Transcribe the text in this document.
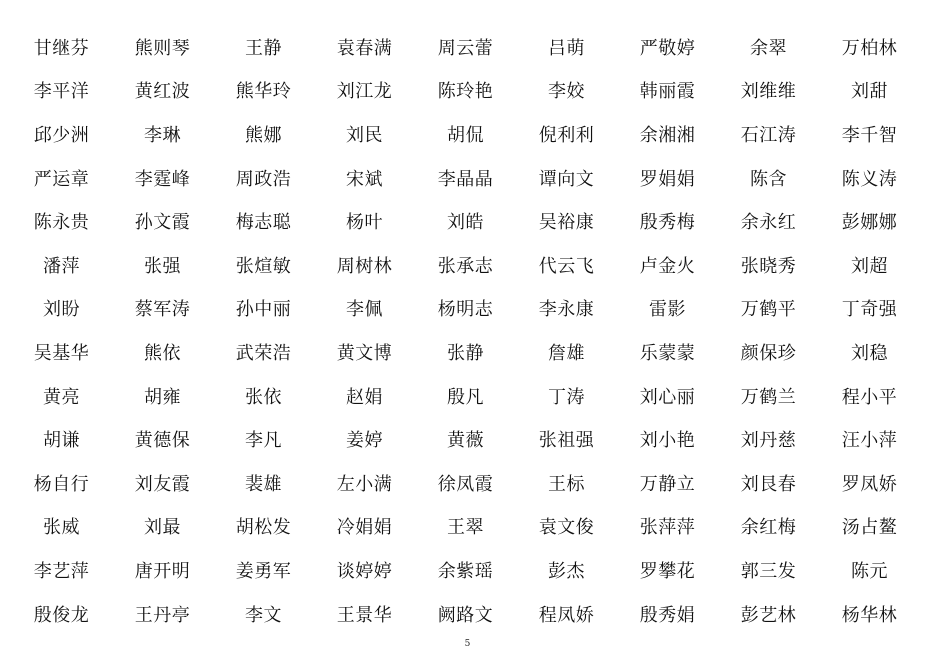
甘继芬	熊则琴	王静	袁春满	周云蕾	吕萌	严敬婷	余翠	万柏林
李平洋	黄红波	熊华玲	刘江龙	陈玲艳	李姣	韩丽霞	刘维维	刘甜
邱少洲	李琳	熊娜	刘民	胡侃	倪利利	余湘湘	石江涛	李千智
严运章	李霆峰	周政浩	宋斌	李晶晶	谭向文	罗娟娟	陈含	陈义涛
陈永贵	孙文霞	梅志聪	杨叶	刘皓	吴裕康	殷秀梅	余永红	彭娜娜
潘萍	张强	张煊敏	周树林	张承志	代云飞	卢金火	张晓秀	刘超
刘盼	蔡军涛	孙中丽	李佩	杨明志	李永康	雷影	万鹤平	丁奇强
吴基华	熊依	武荣浩	黄文博	张静	詹雄	乐蒙蒙	颜保珍	刘稳
黄亮	胡雍	张依	赵娟	殷凡	丁涛	刘心丽	万鹤兰	程小平
胡谦	黄德保	李凡	姜婷	黄薇	张祖强	刘小艳	刘丹慈	汪小萍
杨自行	刘友霞	裴雄	左小满	徐凤霞	王标	万静立	刘艮春	罗凤娇
张威	刘最	胡松发	冷娟娟	王翠	袁文俊	张萍萍	余红梅	汤占鳌
李艺萍	唐开明	姜勇军	谈婷婷	余紫瑶	彭杰	罗攀花	郭三发	陈元
殷俊龙	王丹亭	李文	王景华	阙路文	程凤娇	殷秀娟	彭艺林	杨华林
5
